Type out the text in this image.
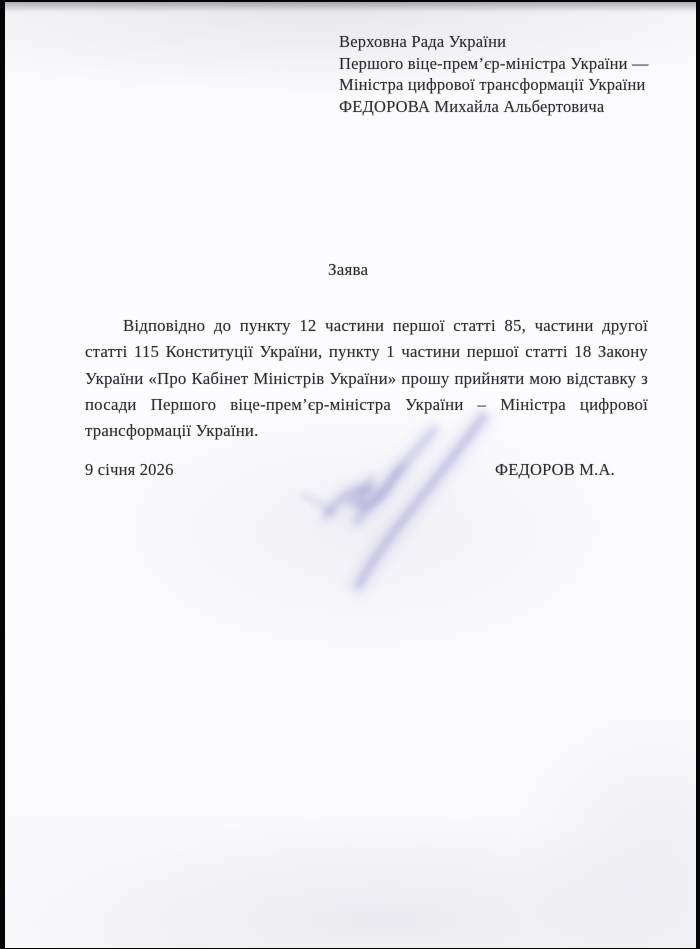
Верховна Рада України
Першого віце-прем’єр-міністра України —
Міністра цифрової трансформації України
ФЕДОРОВА Михайла Альбертовича
Заява
Відповідно до пункту 12 частини першої статті 85, частини другої
статті 115 Конституції України, пункту 1 частини першої статті 18 Закону
України «Про Кабінет Міністрів України» прошу прийняти мою відставку з
посади Першого віце-прем’єр-міністра України – Міністра цифрової
трансформації України.
9 січня 2026	ФЕДОРОВ М.А.
